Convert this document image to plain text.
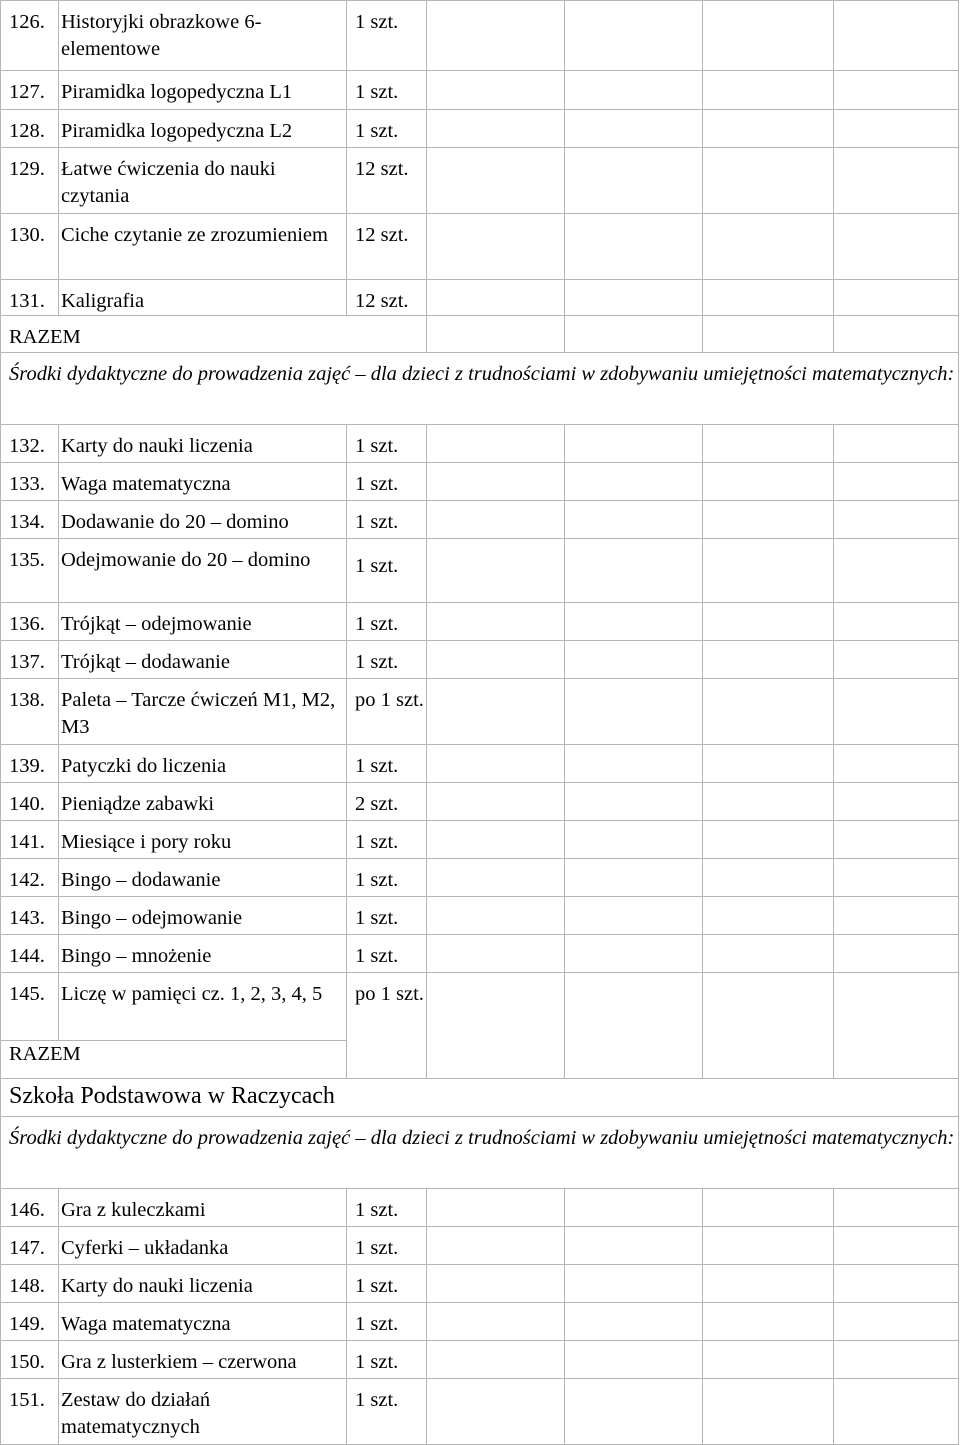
126.	Historyjki obrazkowe 6-elementowe	1 szt.				
127.	Piramidka logopedyczna L1	1 szt.				
128.	Piramidka logopedyczna L2	1 szt.				
129.	Łatwe ćwiczenia do nauki czytania	12 szt.				
130.	Ciche czytanie ze zrozumieniem	12 szt.				
131.	Kaligrafia	12 szt.				
RAZEM						
Środki dydaktyczne do prowadzenia zajęć – dla dzieci z trudnościami w zdobywaniu umiejętności matematycznych:						
132.	Karty do nauki liczenia	1 szt.				
133.	Waga matematyczna	1 szt.				
134.	Dodawanie do 20 – domino	1 szt.				
135.	Odejmowanie do 20 – domino	1 szt.				
136.	Trójkąt – odejmowanie	1 szt.				
137.	Trójkąt – dodawanie	1 szt.				
138.	Paleta – Tarcze ćwiczeń M1, M2, M3	po 1 szt.				
139.	Patyczki do liczenia	1 szt.				
140.	Pieniądze zabawki	2 szt.				
141.	Miesiące i pory roku	1 szt.				
142.	Bingo – dodawanie	1 szt.				
143.	Bingo – odejmowanie	1 szt.				
144.	Bingo – mnożenie	1 szt.				
145.	Liczę w pamięci cz. 1, 2, 3, 4, 5	po 1 szt.				
RAZEM						
Szkoła Podstawowa w Raczycach						
Środki dydaktyczne do prowadzenia zajęć – dla dzieci z trudnościami w zdobywaniu umiejętności matematycznych:						
146.	Gra z kuleczkami	1 szt.				
147.	Cyferki – układanka	1 szt.				
148.	Karty do nauki liczenia	1 szt.				
149.	Waga matematyczna	1 szt.				
150.	Gra z lusterkiem – czerwona	1 szt.				
151.	Zestaw do działań matematycznych	1 szt.				
